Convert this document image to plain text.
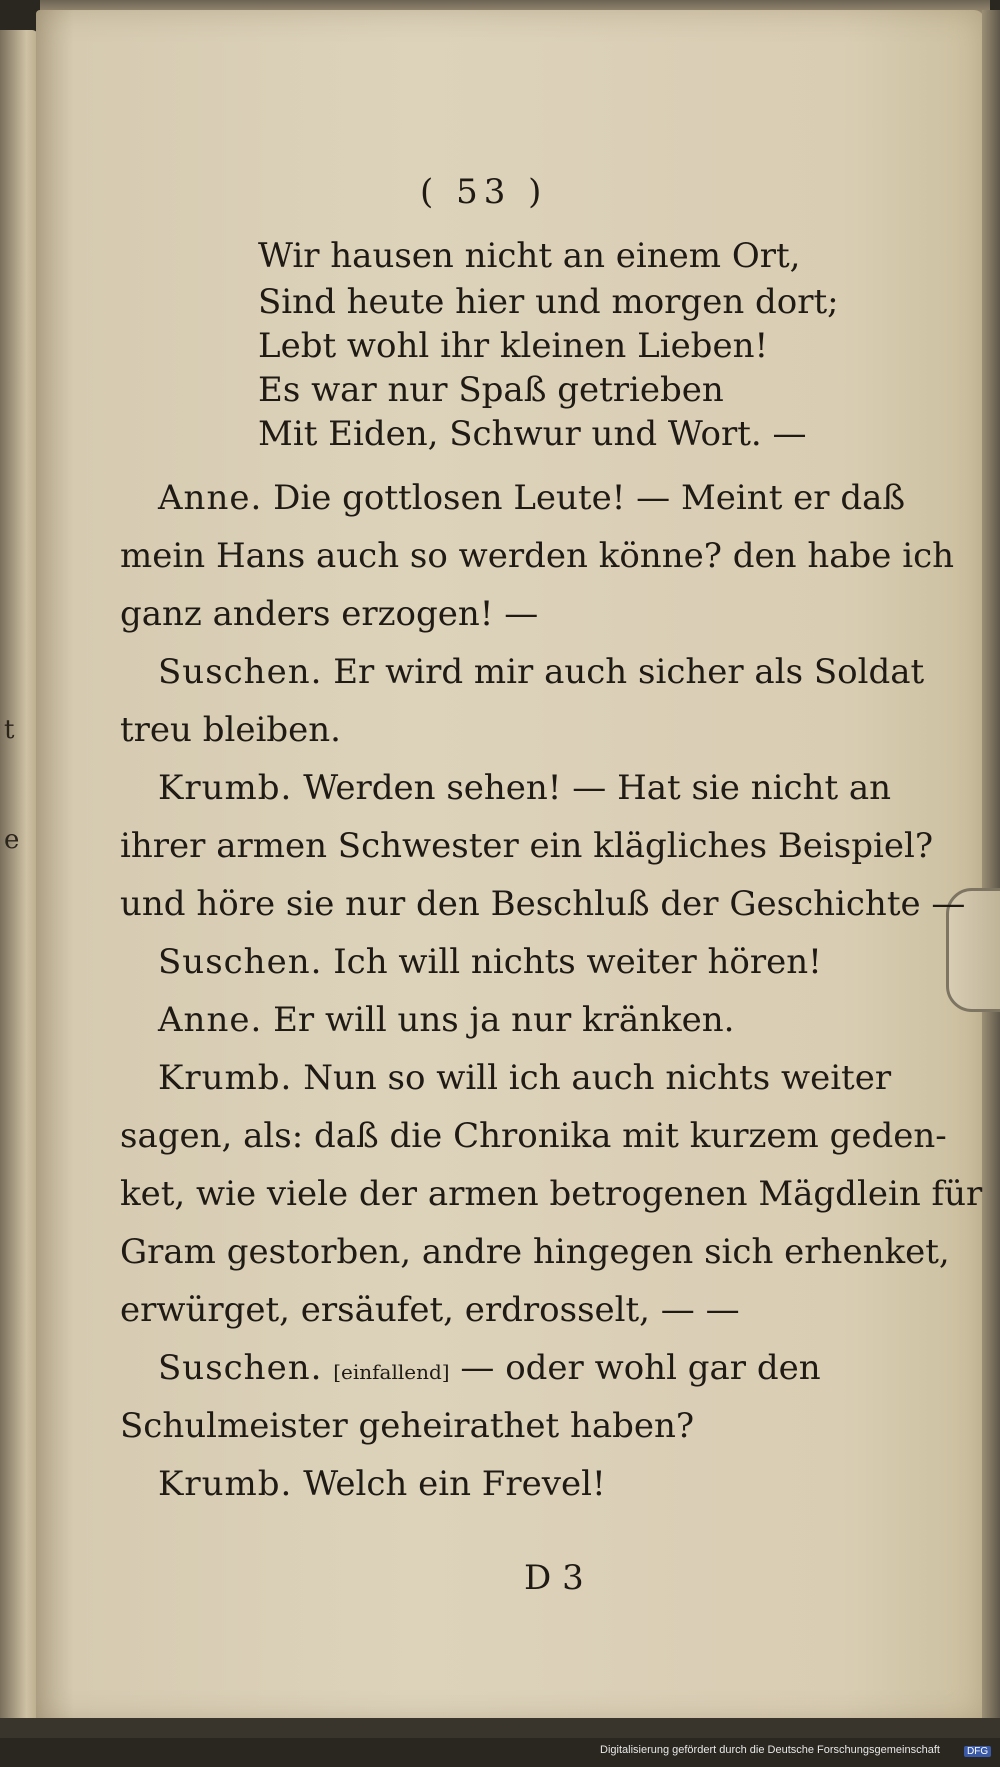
t
e
( 53 )
Wir hausen nicht an einem Ort,
Sind heute hier und morgen dort;
Lebt wohl ihr kleinen Lieben!
Es war nur Spaß getrieben
Mit Eiden, Schwur und Wort. —
Anne. Die gottlosen Leute! — Meint er daß
mein Hans auch so werden könne? den habe ich
ganz anders erzogen! —
Suschen. Er wird mir auch sicher als Soldat
treu bleiben.
Krumb. Werden sehen! — Hat sie nicht an
ihrer armen Schwester ein klägliches Beispiel?
und höre sie nur den Beschluß der Geschichte —
Suschen. Ich will nichts weiter hören!
Anne. Er will uns ja nur kränken.
Krumb. Nun so will ich auch nichts weiter
sagen, als: daß die Chronika mit kurzem geden-
ket, wie viele der armen betrogenen Mägdlein für
Gram gestorben, andre hingegen sich erhenket,
erwürget, ersäufet, erdrosselt, — —
Suschen. [einfallend] — oder wohl gar den
Schulmeister geheirathet haben?
Krumb. Welch ein Frevel!
D 3
Digitalisierung gefördert durch die Deutsche Forschungsgemeinschaft	DFG
